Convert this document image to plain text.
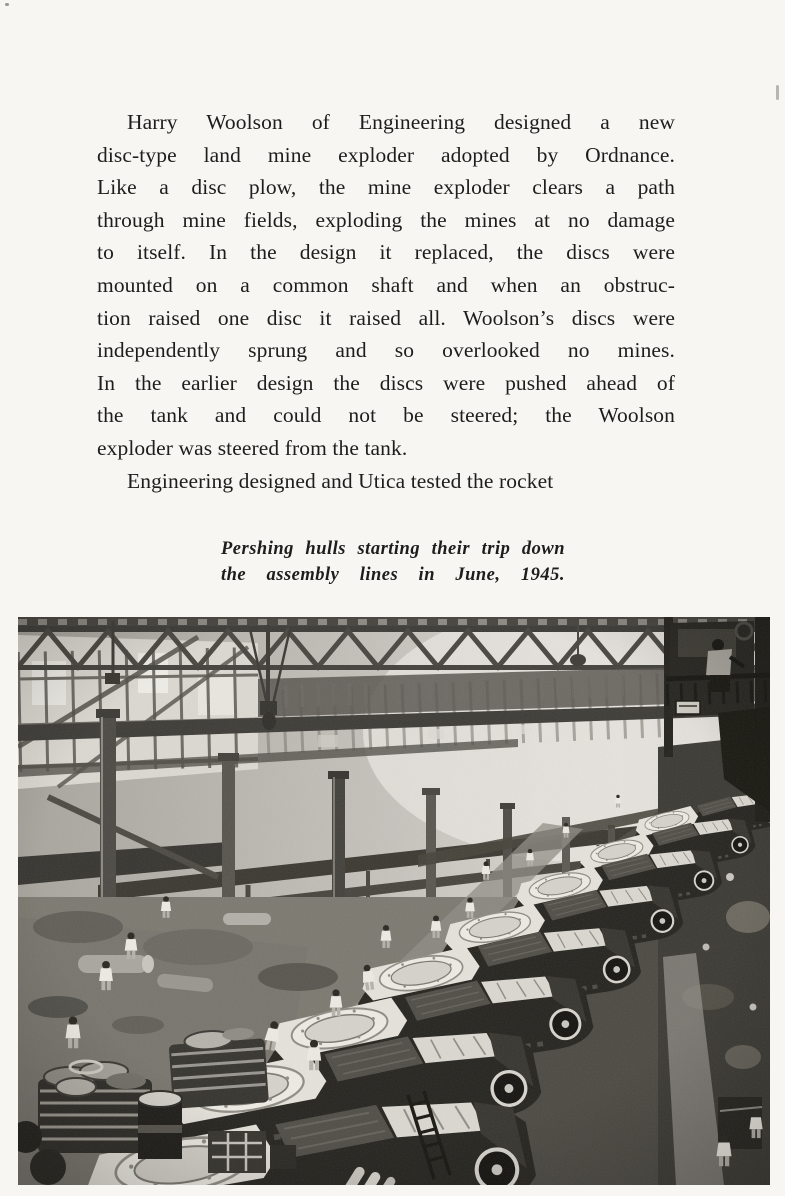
Harry Woolson of Engineering designed a new
disc-type land mine exploder adopted by Ordnance.
Like a disc plow, the mine exploder clears a path
through mine fields, exploding the mines at no damage
to itself. In the design it replaced, the discs were
mounted on a common shaft and when an obstruc-
tion raised one disc it raised all. Woolson’s discs were
independently sprung and so overlooked no mines.
In the earlier design the discs were pushed ahead of
the tank and could not be steered; the Woolson
exploder was steered from the tank.
Engineering designed and Utica tested the rocket
Pershing hulls starting their trip down
the assembly lines in June, 1945.
